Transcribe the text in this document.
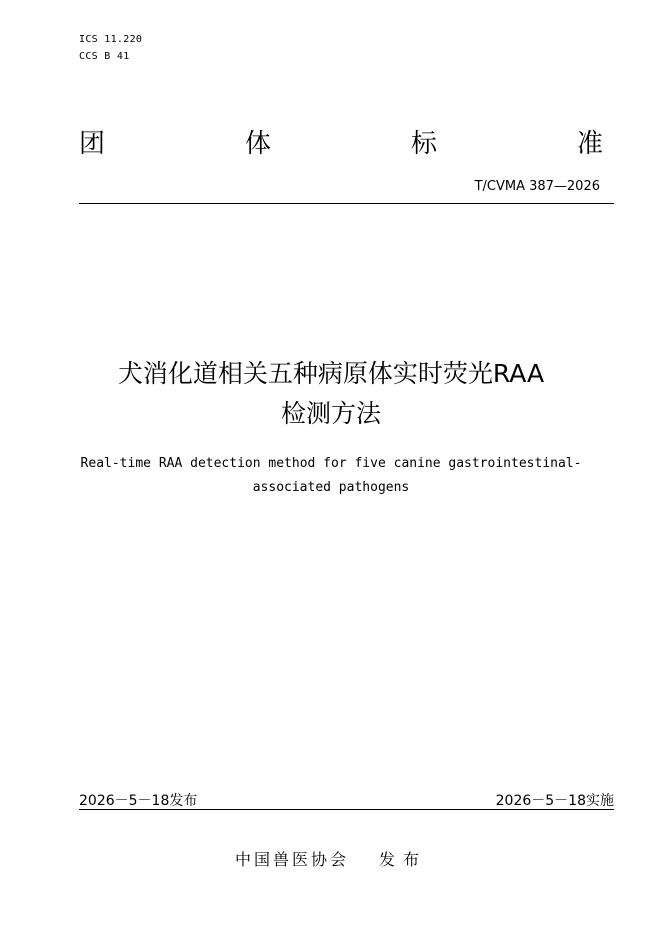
ICS 11.220
CCS B 41
团	体	标	准
T/CVMA 387—2026
犬消化道相关五种病原体实时荧光RAA
检测方法
Real-time RAA detection method for five canine gastrointestinal-
associated pathogens
2026－5－18发布	2026－5－18实施
中国兽医协会 发布
